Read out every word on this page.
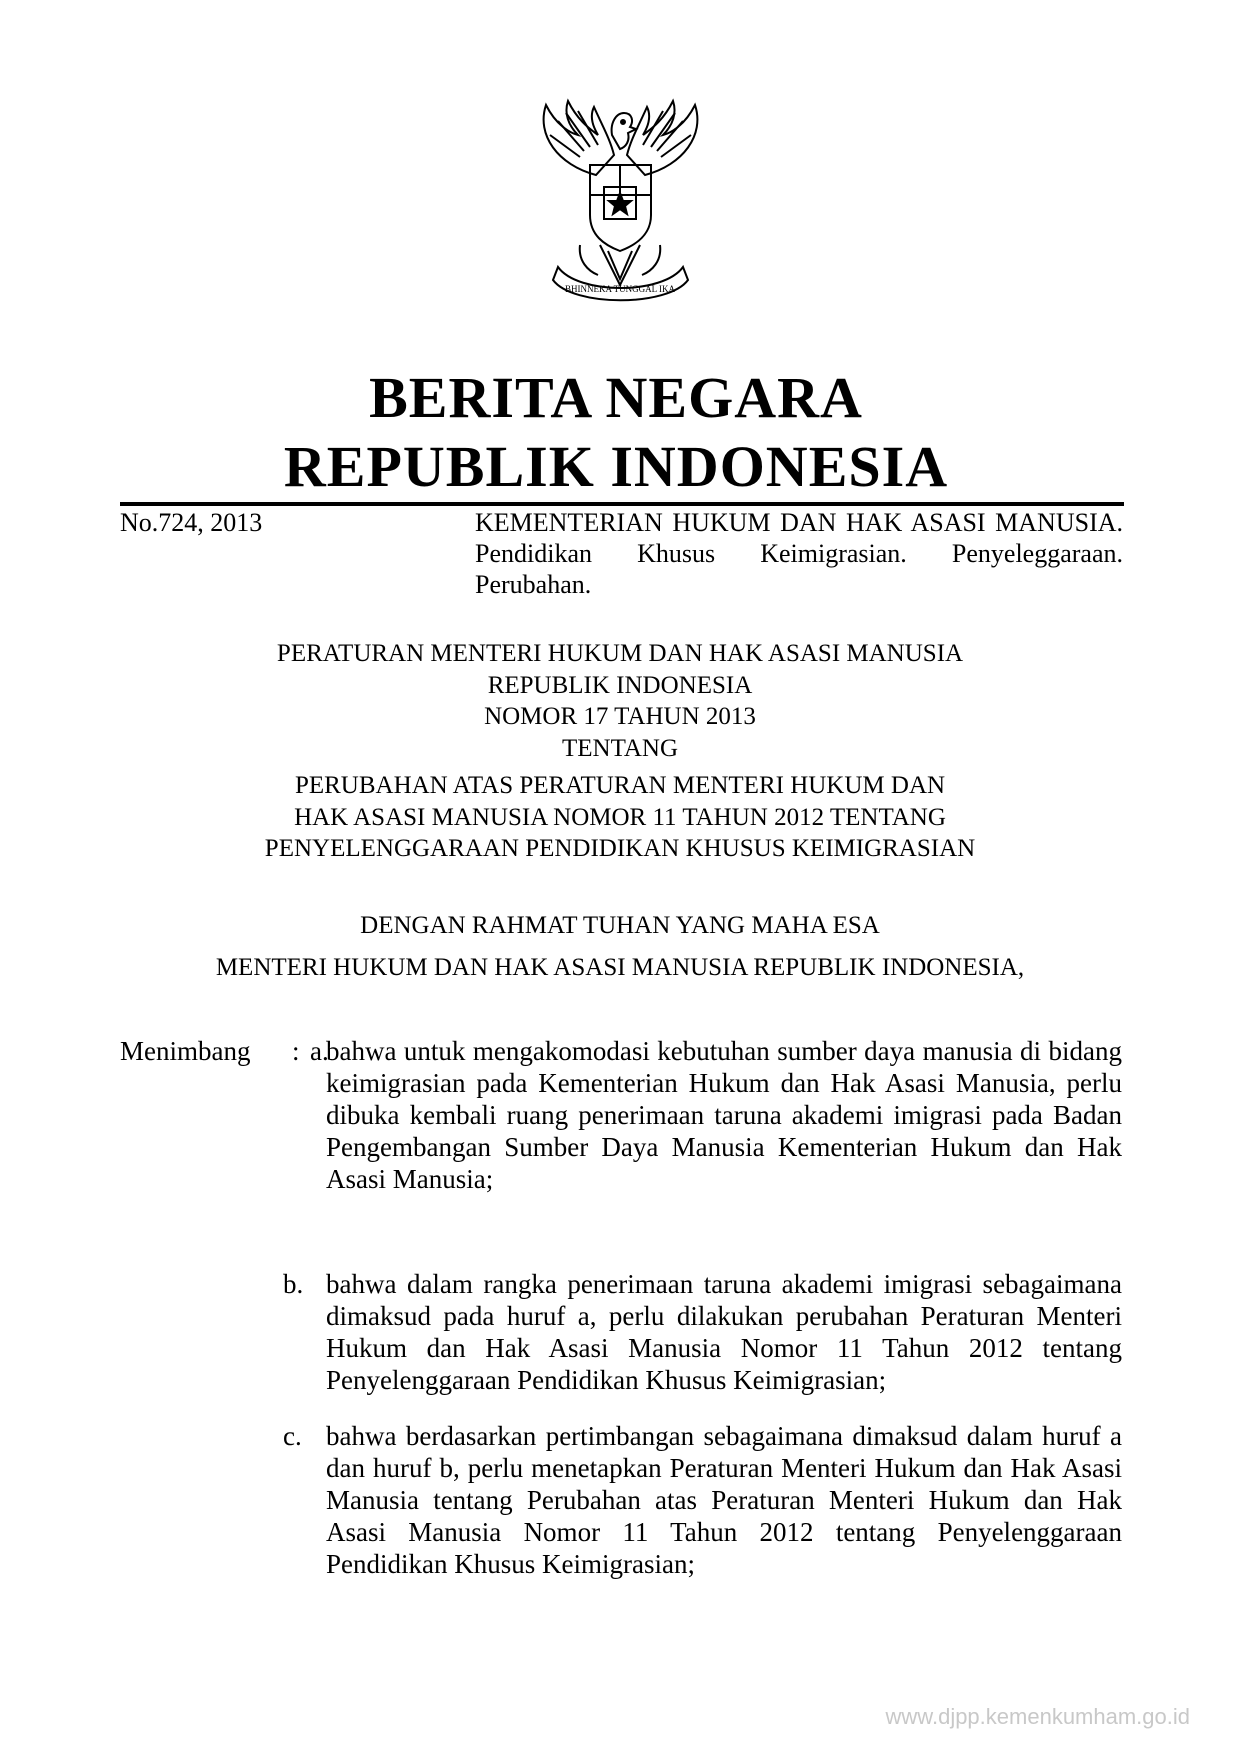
BHINNEKA TUNGGAL IKA
BERITA NEGARA
REPUBLIK INDONESIA
No.724, 2013	KEMENTERIAN HUKUM DAN HAK ASASI MANUSIA. Pendidikan Khusus Keimigrasian. Penyeleggaraan. Perubahan.
PERATURAN MENTERI HUKUM DAN HAK ASASI MANUSIA
REPUBLIK INDONESIA
NOMOR 17 TAHUN 2013
TENTANG
PERUBAHAN ATAS PERATURAN MENTERI HUKUM DAN
HAK ASASI MANUSIA NOMOR 11 TAHUN 2012 TENTANG
PENYELENGGARAAN PENDIDIKAN KHUSUS KEIMIGRASIAN
DENGAN RAHMAT TUHAN YANG MAHA ESA
MENTERI HUKUM DAN HAK ASASI MANUSIA REPUBLIK INDONESIA,
Menimbang : a.
bahwa untuk mengakomodasi kebutuhan sumber daya manusia di bidang keimigrasian pada Kementerian Hukum dan Hak Asasi Manusia, perlu dibuka kembali ruang penerimaan taruna akademi imigrasi pada Badan Pengembangan Sumber Daya Manusia Kementerian Hukum dan Hak Asasi Manusia;
b. bahwa dalam rangka penerimaan taruna akademi imigrasi sebagaimana dimaksud pada huruf a, perlu dilakukan perubahan Peraturan Menteri Hukum dan Hak Asasi Manusia Nomor 11 Tahun 2012 tentang Penyelenggaraan Pendidikan Khusus Keimigrasian;
c. bahwa berdasarkan pertimbangan sebagaimana dimaksud dalam huruf a dan huruf b, perlu menetapkan Peraturan Menteri Hukum dan Hak Asasi Manusia tentang Perubahan atas Peraturan Menteri Hukum dan Hak Asasi Manusia Nomor 11 Tahun 2012 tentang Penyelenggaraan Pendidikan Khusus Keimigrasian;
www.djpp.kemenkumham.go.id
